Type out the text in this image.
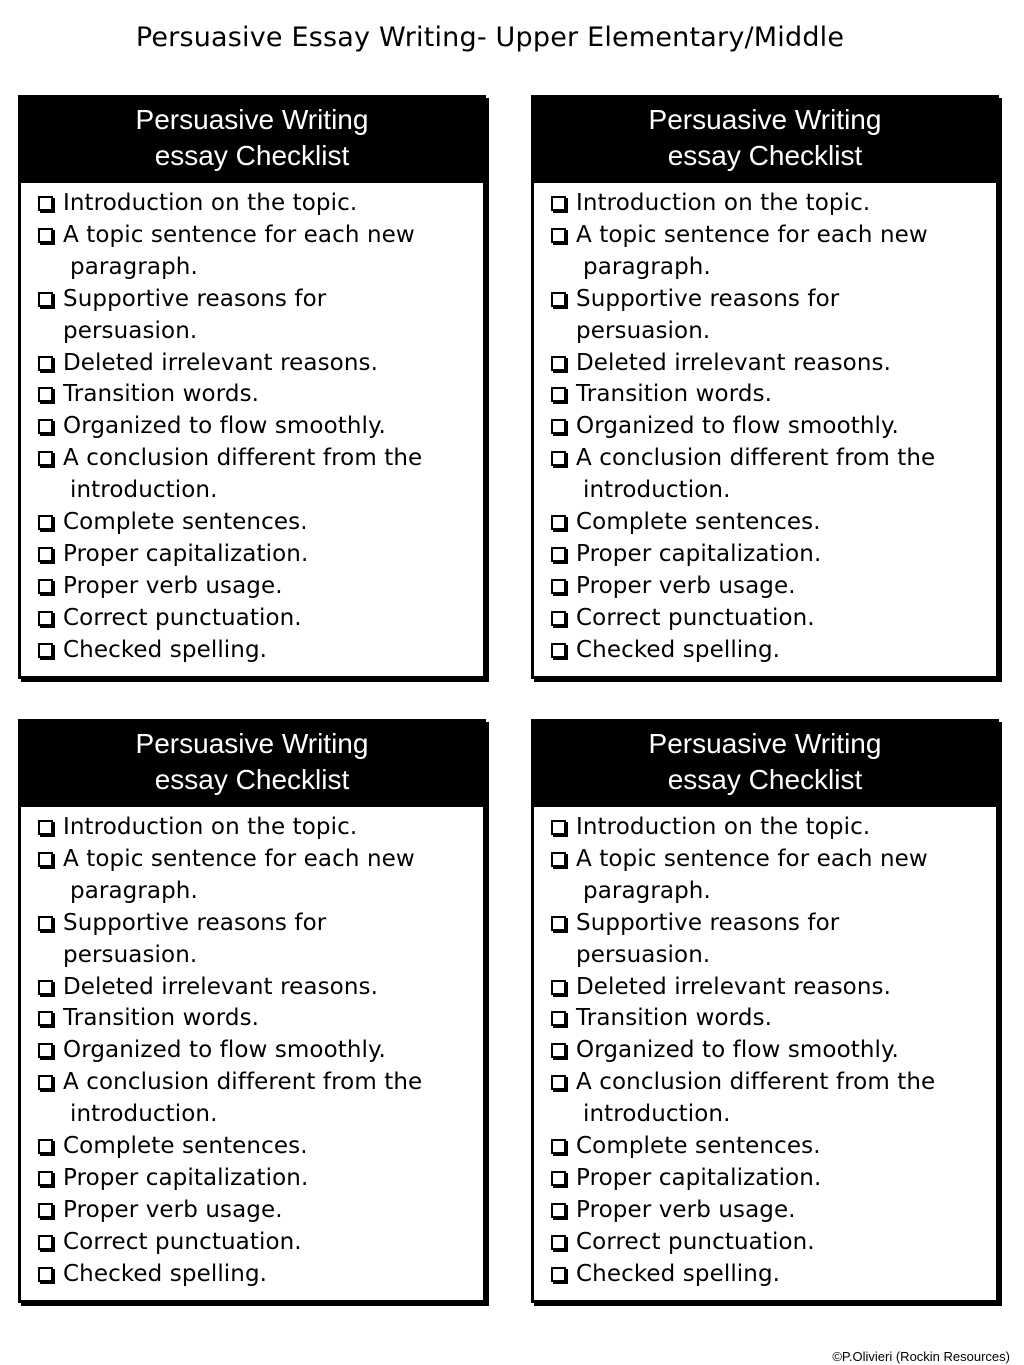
Persuasive Essay Writing- Upper Elementary/Middle
Persuasive Writing
essay Checklist
Introduction on the topic.
A topic sentence for each new
paragraph.
Supportive reasons for
persuasion.
Deleted irrelevant reasons.
Transition words.
Organized to flow smoothly.
A conclusion different from the
introduction.
Complete sentences.
Proper capitalization.
Proper verb usage.
Correct punctuation.
Checked spelling.
Persuasive Writing
essay Checklist
Introduction on the topic.
A topic sentence for each new
paragraph.
Supportive reasons for
persuasion.
Deleted irrelevant reasons.
Transition words.
Organized to flow smoothly.
A conclusion different from the
introduction.
Complete sentences.
Proper capitalization.
Proper verb usage.
Correct punctuation.
Checked spelling.
Persuasive Writing
essay Checklist
Introduction on the topic.
A topic sentence for each new
paragraph.
Supportive reasons for
persuasion.
Deleted irrelevant reasons.
Transition words.
Organized to flow smoothly.
A conclusion different from the
introduction.
Complete sentences.
Proper capitalization.
Proper verb usage.
Correct punctuation.
Checked spelling.
Persuasive Writing
essay Checklist
Introduction on the topic.
A topic sentence for each new
paragraph.
Supportive reasons for
persuasion.
Deleted irrelevant reasons.
Transition words.
Organized to flow smoothly.
A conclusion different from the
introduction.
Complete sentences.
Proper capitalization.
Proper verb usage.
Correct punctuation.
Checked spelling.
©P.Olivieri (Rockin Resources)
